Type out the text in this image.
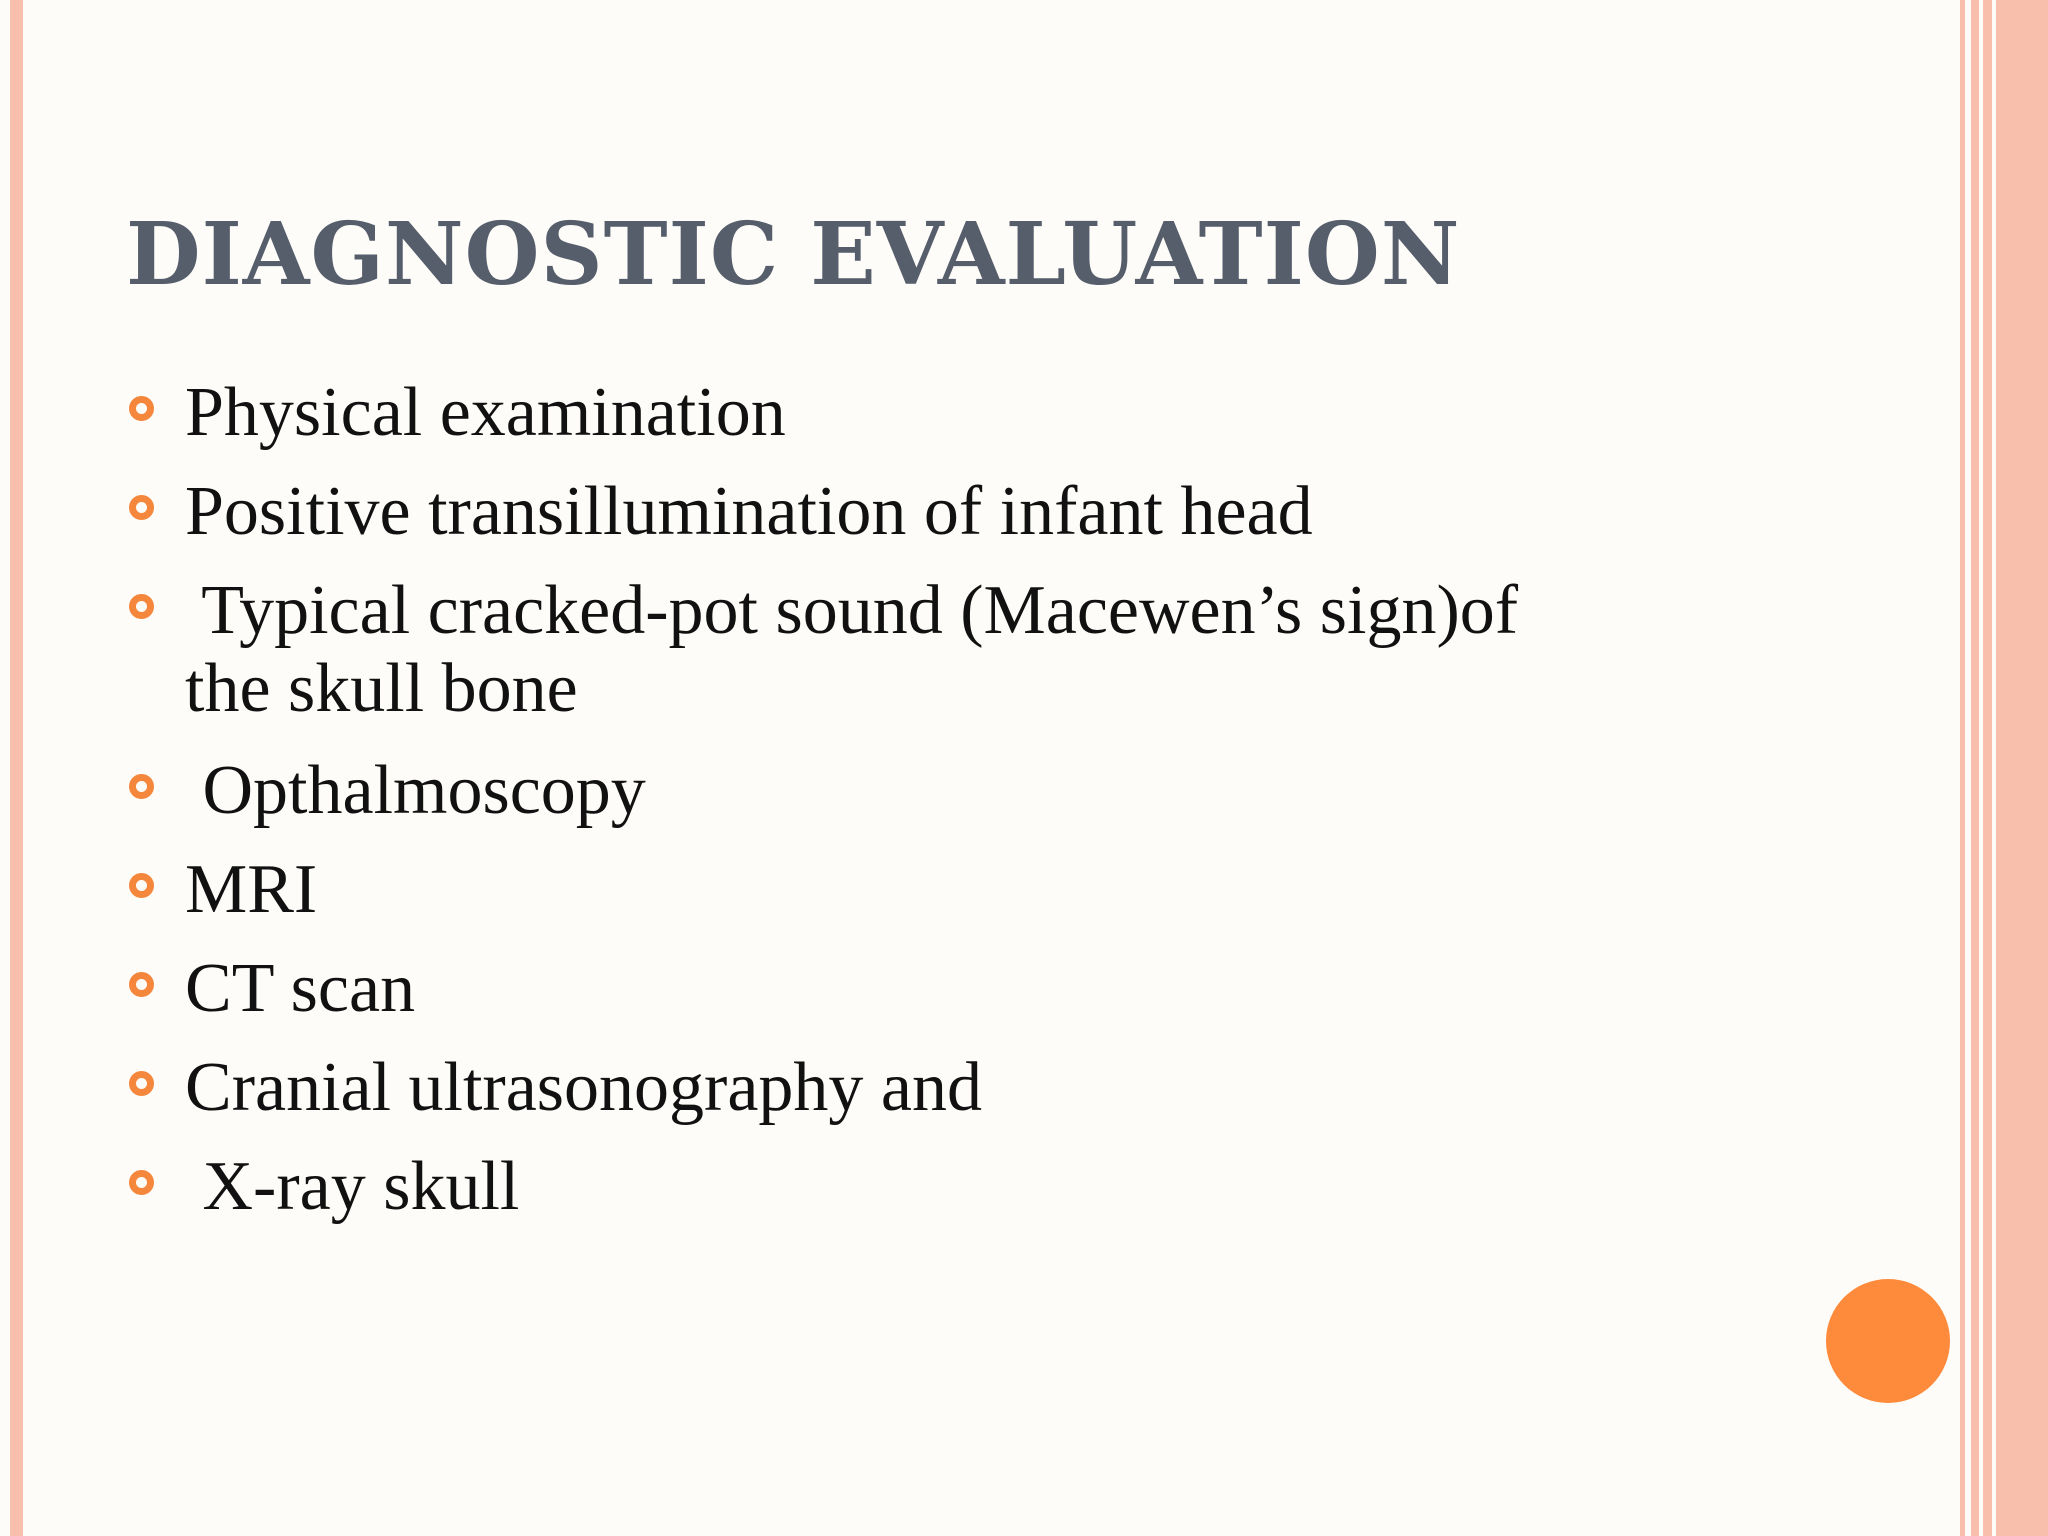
DIAGNOSTIC EVALUATION
Physical examination
Positive transillumination of infant head
Typical cracked-pot sound (Macewen’s sign)of
the skull bone
Opthalmoscopy
MRI
CT scan
Cranial ultrasonography and
X-ray skull
